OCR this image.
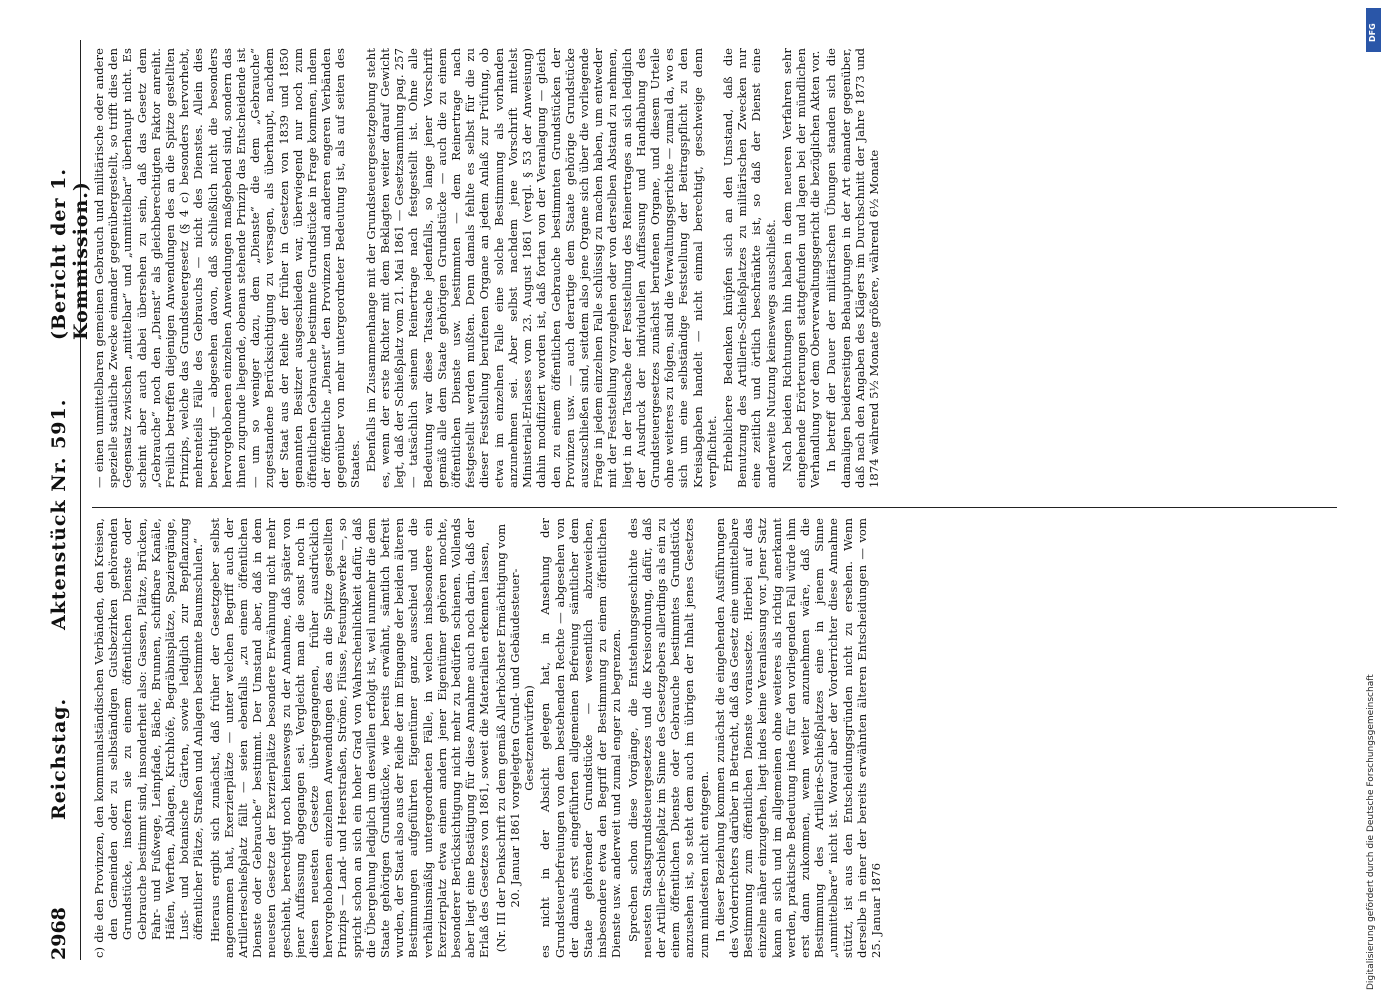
2968
Reichstag.
Aktenstück Nr. 591.
(Bericht der 1. Kommission.)

c) die den Provinzen, den kommunalständischen Verbänden, den Kreisen, den Gemeinden oder zu selbständigen Gutsbezirken gehörenden Grundstücke, insofern sie zu einem öffentlichen Dienste oder Gebrauche bestimmt sind, insonderheit also: Gassen, Plätze, Brücken, Fahr- und Fußwege, Leinpfade, Bäche, Brunnen, schiffbare Kanäle, Häfen, Werften, Ablagen, Kirchhöfe, Begräbnisplätze, Spaziergänge, Lust- und botanische Gärten, sowie lediglich zur Bepflanzung öffentlicher Plätze, Straßen und Anlagen bestimmte Baumschulen.“ Hieraus ergibt sich zunächst, daß früher der Gesetzgeber selbst angenommen hat, Exerzierplätze — unter welchen Begriff auch der Artillerieschießplatz fällt — seien ebenfalls „zu einem öffentlichen Dienste oder Gebrauche“ bestimmt. Der Umstand aber, daß in dem neuesten Gesetze der Exerzierplätze besondere Erwähnung nicht mehr geschieht, berechtigt noch keineswegs zu der Annahme, daß später von jener Auffassung abgegangen sei. Vergleicht man die sonst noch in diesen neuesten Gesetze übergegangenen, früher ausdrücklich hervorgehobenen einzelnen Anwendungen des an die Spitze gestellten Prinzips — Land- und Heerstraßen, Ströme, Flüsse, Festungswerke —, so spricht schon an sich ein hoher Grad von Wahrscheinlichkeit dafür, daß die Übergehung lediglich um deswillen erfolgt ist, weil nunmehr die dem Staate gehörigen Grundstücke, wie bereits erwähnt, sämtlich befreit wurden, der Staat also aus der Reihe der im Eingange der beiden älteren Bestimmungen aufgeführten Eigentümer ganz ausschied und die verhältnismäßig untergeordneten Fälle, in welchen insbesondere ein Exerzierplatz etwa einem andern jener Eigentümer gehören mochte, besonderer Berücksichtigung nicht mehr zu bedürfen schienen. Vollends aber liegt eine Bestätigung für diese Annahme auch noch darin, daß der Erlaß des Gesetzes von 1861, soweit die Materialien erkennen lassen, (Nr. III der Denkschrift zu dem gemäß Allerhöchster Ermächtigung vom 20. Januar 1861 vorgelegten Grund- und Gebäudesteuer-Gesetzentwürfen) es nicht in der Absicht gelegen hat, in Ansehung der Grundsteuerbefreiungen von dem bestehenden Rechte — abgesehen von der damals erst eingeführten allgemeinen Befreiung sämtlicher dem Staate gehörender Grundstücke — wesentlich abzuweichen, insbesondere etwa den Begriff der Bestimmung zu einem öffentlichen Dienste usw. anderweit und zumal enger zu begrenzen. Sprechen schon diese Vorgänge, die Entstehungsgeschichte des neuesten Staatsgrundsteuergesetzes und die Kreisordnung, dafür, daß der Artillerie-Schießplatz im Sinne des Gesetzgebers allerdings als ein zu einem öffentlichen Dienste oder Gebrauche bestimmtes Grundstück anzusehen ist, so steht dem auch im übrigen der Inhalt jenes Gesetzes zum mindesten nicht entgegen. In dieser Beziehung kommen zunächst die eingehenden Ausführungen des Vorderrichters darüber in Betracht, daß das Gesetz eine unmittelbare Bestimmung zum öffentlichen Dienste voraussetze. Hierbei auf das einzelne näher einzugehen, liegt indes keine Veranlassung vor. Jener Satz kann an sich und im allgemeinen ohne weiteres als richtig anerkannt werden, praktische Bedeutung indes für den vorliegenden Fall würde ihm erst dann zukommen, wenn weiter anzunehmen wäre, daß die Bestimmung des Artillerie-Schießplatzes eine in jenem Sinne „unmittelbare“ nicht ist. Worauf aber der Vorderrichter diese Annahme stützt, ist aus den Entscheidungsgründen nicht zu ersehen. Wenn derselbe in einer der bereits erwähnten älteren Entscheidungen — vom 25. Januar 1876

— einen unmittelbaren gemeinen Gebrauch und militärische oder andere spezielle staatliche Zwecke einander gegenübergestellt, so trifft dies den Gegensatz zwischen „mittelbar“ und „unmittelbar“ überhaupt nicht. Es scheint aber auch dabei übersehen zu sein, daß das Gesetz dem „Gebrauche“ noch den „Dienst“ als gleichberechtigten Faktor anreiht. Freilich betreffen diejenigen Anwendungen des an die Spitze gestellten Prinzips, welche das Grundsteuergesetz (§ 4 c) besonders hervorhebt, mehrenteils Fälle des Gebrauchs — nicht des Dienstes. Allein dies berechtigt — abgesehen davon, daß schließlich nicht die besonders hervorgehobenen einzelnen Anwendungen maßgebend sind, sondern das ihnen zugrunde liegende, obenan stehende Prinzip das Entscheidende ist — um so weniger dazu, dem „Dienste“ die dem „Gebrauche“ zugestandene Berücksichtigung zu versagen, als überhaupt, nachdem der Staat aus der Reihe der früher in Gesetzen von 1839 und 1850 genannten Besitzer ausgeschieden war, überwiegend nur noch zum öffentlichen Gebrauche bestimmte Grundstücke in Frage kommen, indem der öffentliche „Dienst“ den Provinzen und anderen engeren Verbänden gegenüber von mehr untergeordneter Bedeutung ist, als auf seiten des Staates. Ebenfalls im Zusammenhange mit der Grundsteuergesetzgebung steht es, wenn der erste Richter mit dem Beklagten weiter darauf Gewicht legt, daß der Schießplatz vom 21. Mai 1861 — Gesetzsammlung pag. 257 — tatsächlich seinem Reinertrage nach festgestellt ist. Ohne alle Bedeutung war diese Tatsache jedenfalls, so lange jener Vorschrift gemäß alle dem Staate gehörigen Grundstücke — auch die zu einem öffentlichen Dienste usw. bestimmten — dem Reinertrage nach festgestellt werden mußten. Denn damals fehlte es selbst für die zu dieser Feststellung berufenen Organe an jedem Anlaß zur Prüfung, ob etwa im einzelnen Falle eine solche Bestimmung als vorhanden anzunehmen sei. Aber selbst nachdem jene Vorschrift mittelst Ministerial-Erlasses vom 23. August 1861 (vergl. § 53 der Anweisung) dahin modifiziert worden ist, daß fortan von der Veranlagung — gleich den zu einem öffentlichen Gebrauche bestimmten Grundstücken der Provinzen usw. — auch derartige dem Staate gehörige Grundstücke auszuschließen sind, seitdem also jene Organe sich über die vorliegende Frage in jedem einzelnen Falle schlüssig zu machen haben, um entweder mit der Feststellung vorzugehen oder von derselben Abstand zu nehmen, liegt in der Tatsache der Feststellung des Reinertrages an sich lediglich der Ausdruck der individuellen Auffassung und Handhabung des Grundsteuergesetzes zunächst berufenen Organe, und diesem Urteile ohne weiteres zu folgen, sind die Verwaltungsgerichte — zumal da, wo es sich um eine selbständige Feststellung der Beitragspflicht zu den Kreisabgaben handelt — nicht einmal berechtigt, geschweige denn verpflichtet. Erheblichere Bedenken knüpfen sich an den Umstand, daß die Benutzung des Artillerie-Schießplatzes zu militärischen Zwecken nur eine zeitlich und örtlich beschränkte ist, so daß der Dienst eine anderweite Nutzung keineswegs ausschließt. Nach beiden Richtungen hin haben in dem neueren Verfahren sehr eingehende Erörterungen stattgefunden und lagen bei der mündlichen Verhandlung vor dem Oberverwaltungsgericht die bezüglichen Akten vor. In betreff der Dauer der militärischen Übungen standen sich die damaligen beiderseitigen Behauptungen in der Art einander gegenüber, daß nach den Angaben des Klägers im Durchschnitt der Jahre 1873 und 1874 während 5½ Monate größere, während 6½ Monate

DFG
Digitalisierung gefördert durch die Deutsche Forschungsgemeinschaft
